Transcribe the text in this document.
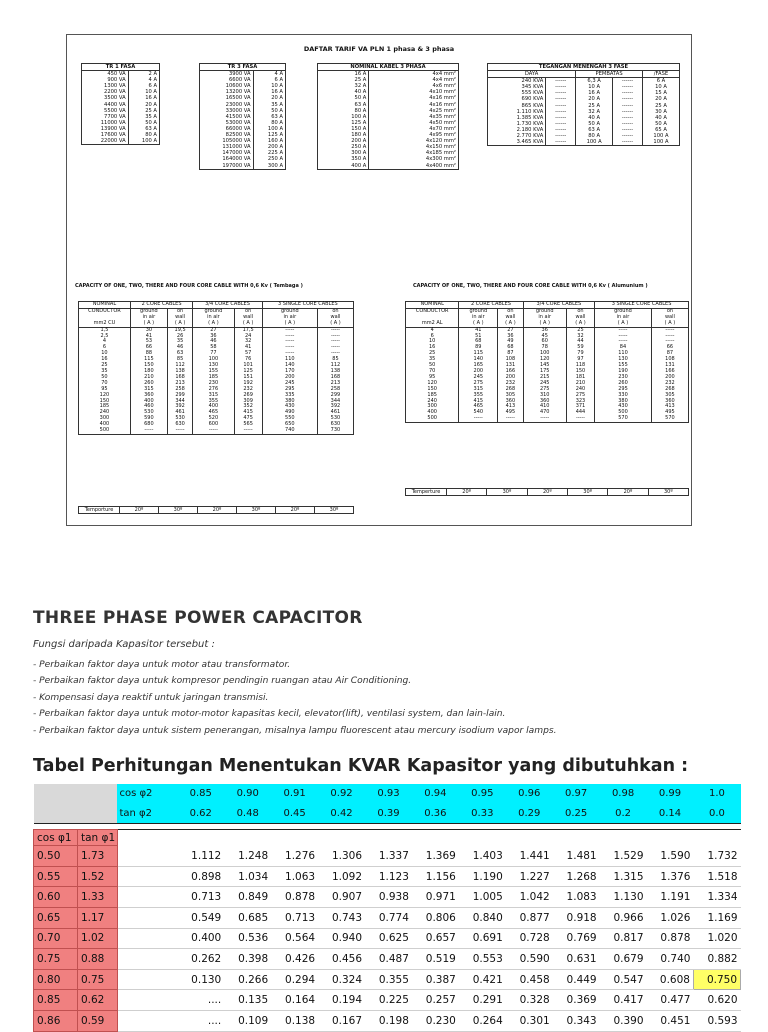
DAFTAR TARIF VA PLN 1 phasa & 3 phasa
TR 1 FASA	
450 VA	2 A
900 VA	4 A
1300 VA	6 A
2200 VA	10 A
3500 VA	16 A
4400 VA	20 A
5500 VA	25 A
7700 VA	35 A
11000 VA	50 A
13900 VA	63 A
17600 VA	80 A
22000 VA	100 A
TR 3 FASA	
3900 VA	4 A
6600 VA	6 A
10600 VA	10 A
13200 VA	16 A
16500 VA	20 A
23000 VA	35 A
33000 VA	50 A
41500 VA	63 A
53000 VA	80 A
66000 VA	100 A
82500 VA	125 A
105000 VA	160 A
131000 VA	200 A
147000 VA	225 A
164000 VA	250 A
197000 VA	300 A
NOMINAL KABEL 3 PHASA	
16 A	4x4 mm²
25 A	4x4 mm²
32 A	4x6 mm²
40 A	4x10 mm²
50 A	4x16 mm²
63 A	4x16 mm²
80 A	4x25 mm²
100 A	4x35 mm²
125 A	4x50 mm²
150 A	4x70 mm²
180 A	4x95 mm²
200 A	4x120 mm²
250 A	4x150 mm²
300 A	4x185 mm²
350 A	4x300 mm²
400 A	4x400 mm²
TEGANGAN MENENGAH 3 FASE				
DAYA		PEMBATAS		/FASE
240 KVA	------	6,3 A	------	6 A
345 KVA	------	10 A	------	10 A
555 KVA	------	16 A	------	15 A
690 KVA	------	20 A	------	20 A
865 KVA	------	25 A	------	25 A
1.110 KVA	------	32 A	------	30 A
1.385 KVA	------	40 A	------	40 A
1.730 KVA	------	50 A	------	50 A
2.180 KVA	------	63 A	------	65 A
2.770 KVA	------	80 A	------	100 A
3.465 KVA	------	100 A	------	100 A
CAPACITY OF ONE, TWO, THERE AND FOUR CORE CABLE WITH 0,6 Kv ( Tembaga )	CAPACITY OF ONE, TWO, THERE AND FOUR CORE CABLE WITH 0,6 Kv ( Alumunium )
NOMINAL	2 CORE CABLES		3/4 CORE CABLES		3 SINGLE CORE CABLES	
CONDUCTOR	ground	on	ground	on	ground	on
	in air	wall	in air	wall	in air	wall
mm2 CU	( A )	( A )	( A )	( A )	( A )	( A )
1,5	30	19,5	27	17,5	-----	-----
2,5	41	26	36	24	-----	-----
4	53	35	46	32	-----	-----
6	66	46	58	41	-----	-----
10	88	63	77	57	-----	-----
16	115	85	100	76	110	85
25	150	112	130	101	140	112
35	180	138	155	125	170	138
50	210	168	185	151	200	168
70	260	213	230	192	245	213
95	315	258	276	232	295	258
120	360	299	315	269	335	299
150	400	344	355	309	380	344
185	460	392	400	352	430	392
240	530	461	465	415	490	461
300	590	530	520	475	550	530
400	680	630	600	565	650	630
500	-----	-----	-----	-----	740	730
NOMINAL	2 CORE CABLES		3/4 CORE CABLES		3 SINGLE CORE CABLES	
CONDUCTOR	ground	on	ground	on	ground	on
	in air	wall	in air	wall	in air	wall
mm2 AL	( A )	( A )	( A )	( A )	( A )	( A )
4	41	27	36	25	-----	-----
6	51	36	45	32	-----	-----
10	68	49	60	44	-----	-----
16	89	68	78	59	84	66
25	115	87	100	79	110	87
35	140	108	120	97	130	108
50	165	131	145	118	155	131
70	200	166	175	150	190	166
95	245	200	215	181	230	200
120	275	232	245	210	260	232
150	315	268	275	240	295	268
185	355	305	310	275	330	305
240	415	360	360	323	380	360
300	465	413	410	371	430	413
400	540	495	470	444	500	495
500	-----	-----	-----	-----	570	570
Temporture	20º	30º	20º	30º	20º	30º
Temperture	20º	30º	20º	30º	20º	30º
THREE PHASE POWER CAPACITOR
Fungsi daripada Kapasitor tersebut :
- Perbaikan faktor daya untuk motor atau transformator.
- Perbaikan faktor daya untuk kompresor pendingin ruangan atau Air Conditioning.
- Kompensasi daya reaktif untuk jaringan transmisi.
- Perbaikan faktor daya untuk motor-motor kapasitas kecil, elevator(lift), ventilasi system, dan lain-lain.
- Perbaikan faktor daya untuk sistem penerangan, misalnya lampu fluorescent atau mercury isodium vapor lamps.
Tabel Perhitungan Menentukan KVAR Kapasitor yang dibutuhkan :
		cos φ2	0.85	0.90	0.91	0.92	0.93	0.94	0.95	0.96	0.97	0.98	0.99	1.0
		tan φ2	0.62	0.48	0.45	0.42	0.39	0.36	0.33	0.29	0.25	0.2	0.14	0.0

cos φ1	tan φ1													
0.50	1.73		1.112	1.248	1.276	1.306	1.337	1.369	1.403	1.441	1.481	1.529	1.590	1.732
0.55	1.52		0.898	1.034	1.063	1.092	1.123	1.156	1.190	1.227	1.268	1.315	1.376	1.518
0.60	1.33		0.713	0.849	0.878	0.907	0.938	0.971	1.005	1.042	1.083	1.130	1.191	1.334
0.65	1.17		0.549	0.685	0.713	0.743	0.774	0.806	0.840	0.877	0.918	0.966	1.026	1.169
0.70	1.02		0.400	0.536	0.564	0.940	0.625	0.657	0.691	0.728	0.769	0.817	0.878	1.020
0.75	0.88		0.262	0.398	0.426	0.456	0.487	0.519	0.553	0.590	0.631	0.679	0.740	0.882
0.80	0.75		0.130	0.266	0.294	0.324	0.355	0.387	0.421	0.458	0.449	0.547	0.608	0.750
0.85	0.62		....	0.135	0.164	0.194	0.225	0.257	0.291	0.328	0.369	0.417	0.477	0.620
0.86	0.59		....	0.109	0.138	0.167	0.198	0.230	0.264	0.301	0.343	0.390	0.451	0.593
